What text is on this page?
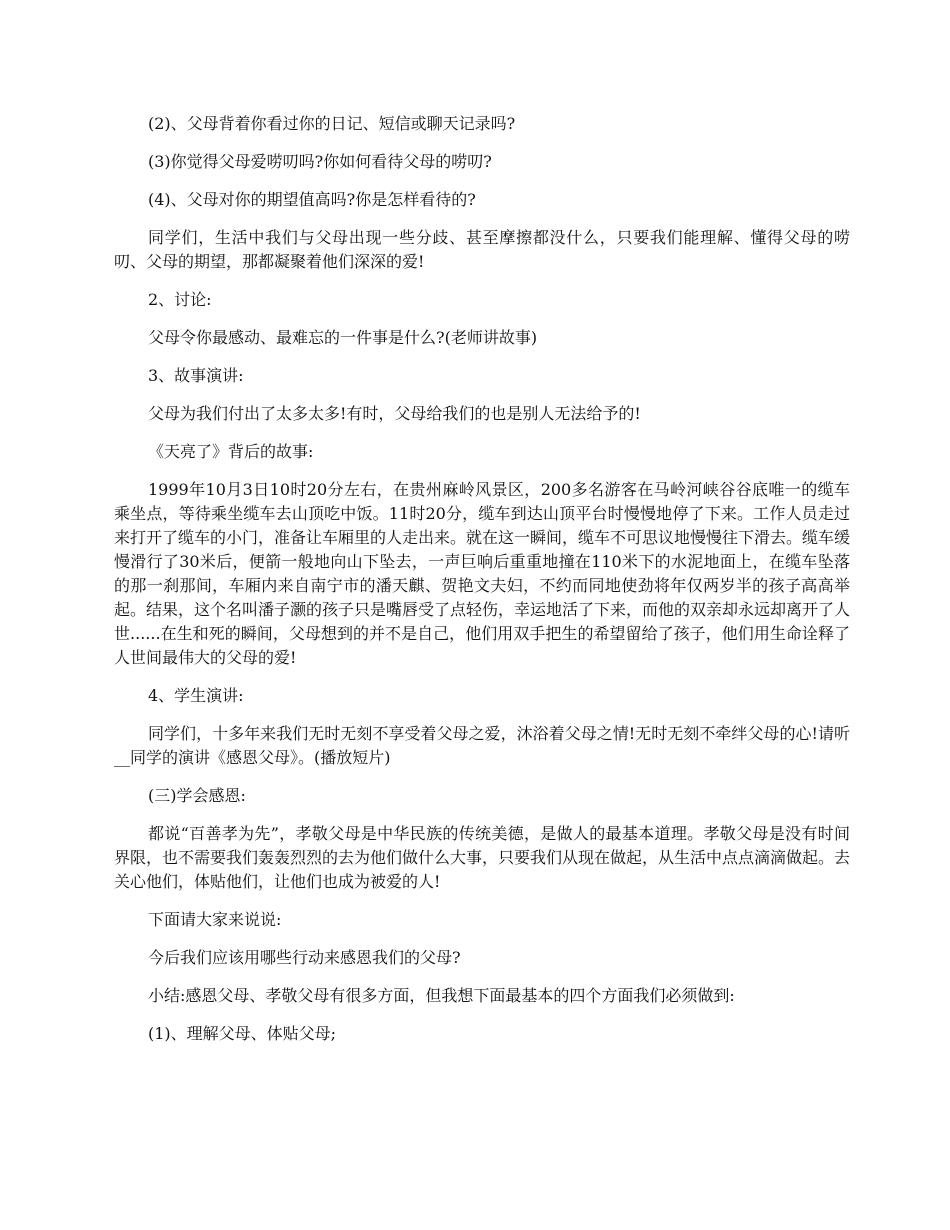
(2)、父母背着你看过你的日记、短信或聊天记录吗?

(3)你觉得父母爱唠叨吗?你如何看待父母的唠叨?

(4)、父母对你的期望值高吗?你是怎样看待的?

同学们，生活中我们与父母出现一些分歧、甚至摩擦都没什么，只要我们能理解、懂得父母的唠叨、父母的期望，那都凝聚着他们深深的爱!

2、讨论:

父母令你最感动、最难忘的一件事是什么?(老师讲故事)

3、故事演讲:

父母为我们付出了太多太多!有时，父母给我们的也是别人无法给予的!

《天亮了》背后的故事:

1999年10月3日10时20分左右，在贵州麻岭风景区，200多名游客在马岭河峡谷谷底唯一的缆车乘坐点，等待乘坐缆车去山顶吃中饭。11时20分，缆车到达山顶平台时慢慢地停了下来。工作人员走过来打开了缆车的小门，准备让车厢里的人走出来。就在这一瞬间，缆车不可思议地慢慢往下滑去。缆车缓慢滑行了30米后，便箭一般地向山下坠去，一声巨响后重重地撞在110米下的水泥地面上，在缆车坠落的那一刹那间，车厢内来自南宁市的潘天麒、贺艳文夫妇，不约而同地使劲将年仅两岁半的孩子高高举起。结果，这个名叫潘子灏的孩子只是嘴唇受了点轻伤，幸运地活了下来，而他的双亲却永远却离开了人世......在生和死的瞬间，父母想到的并不是自己，他们用双手把生的希望留给了孩子，他们用生命诠释了人世间最伟大的父母的爱!

4、学生演讲:

同学们，十多年来我们无时无刻不享受着父母之爱，沐浴着父母之情!无时无刻不牵绊父母的心!请听__同学的演讲《感恩父母》。(播放短片)

(三)学会感恩:

都说“百善孝为先”，孝敬父母是中华民族的传统美德，是做人的最基本道理。孝敬父母是没有时间界限，也不需要我们轰轰烈烈的去为他们做什么大事，只要我们从现在做起，从生活中点点滴滴做起。去关心他们，体贴他们，让他们也成为被爱的人!

下面请大家来说说:

今后我们应该用哪些行动来感恩我们的父母?

小结:感恩父母、孝敬父母有很多方面，但我想下面最基本的四个方面我们必须做到:

(1)、理解父母、体贴父母;
